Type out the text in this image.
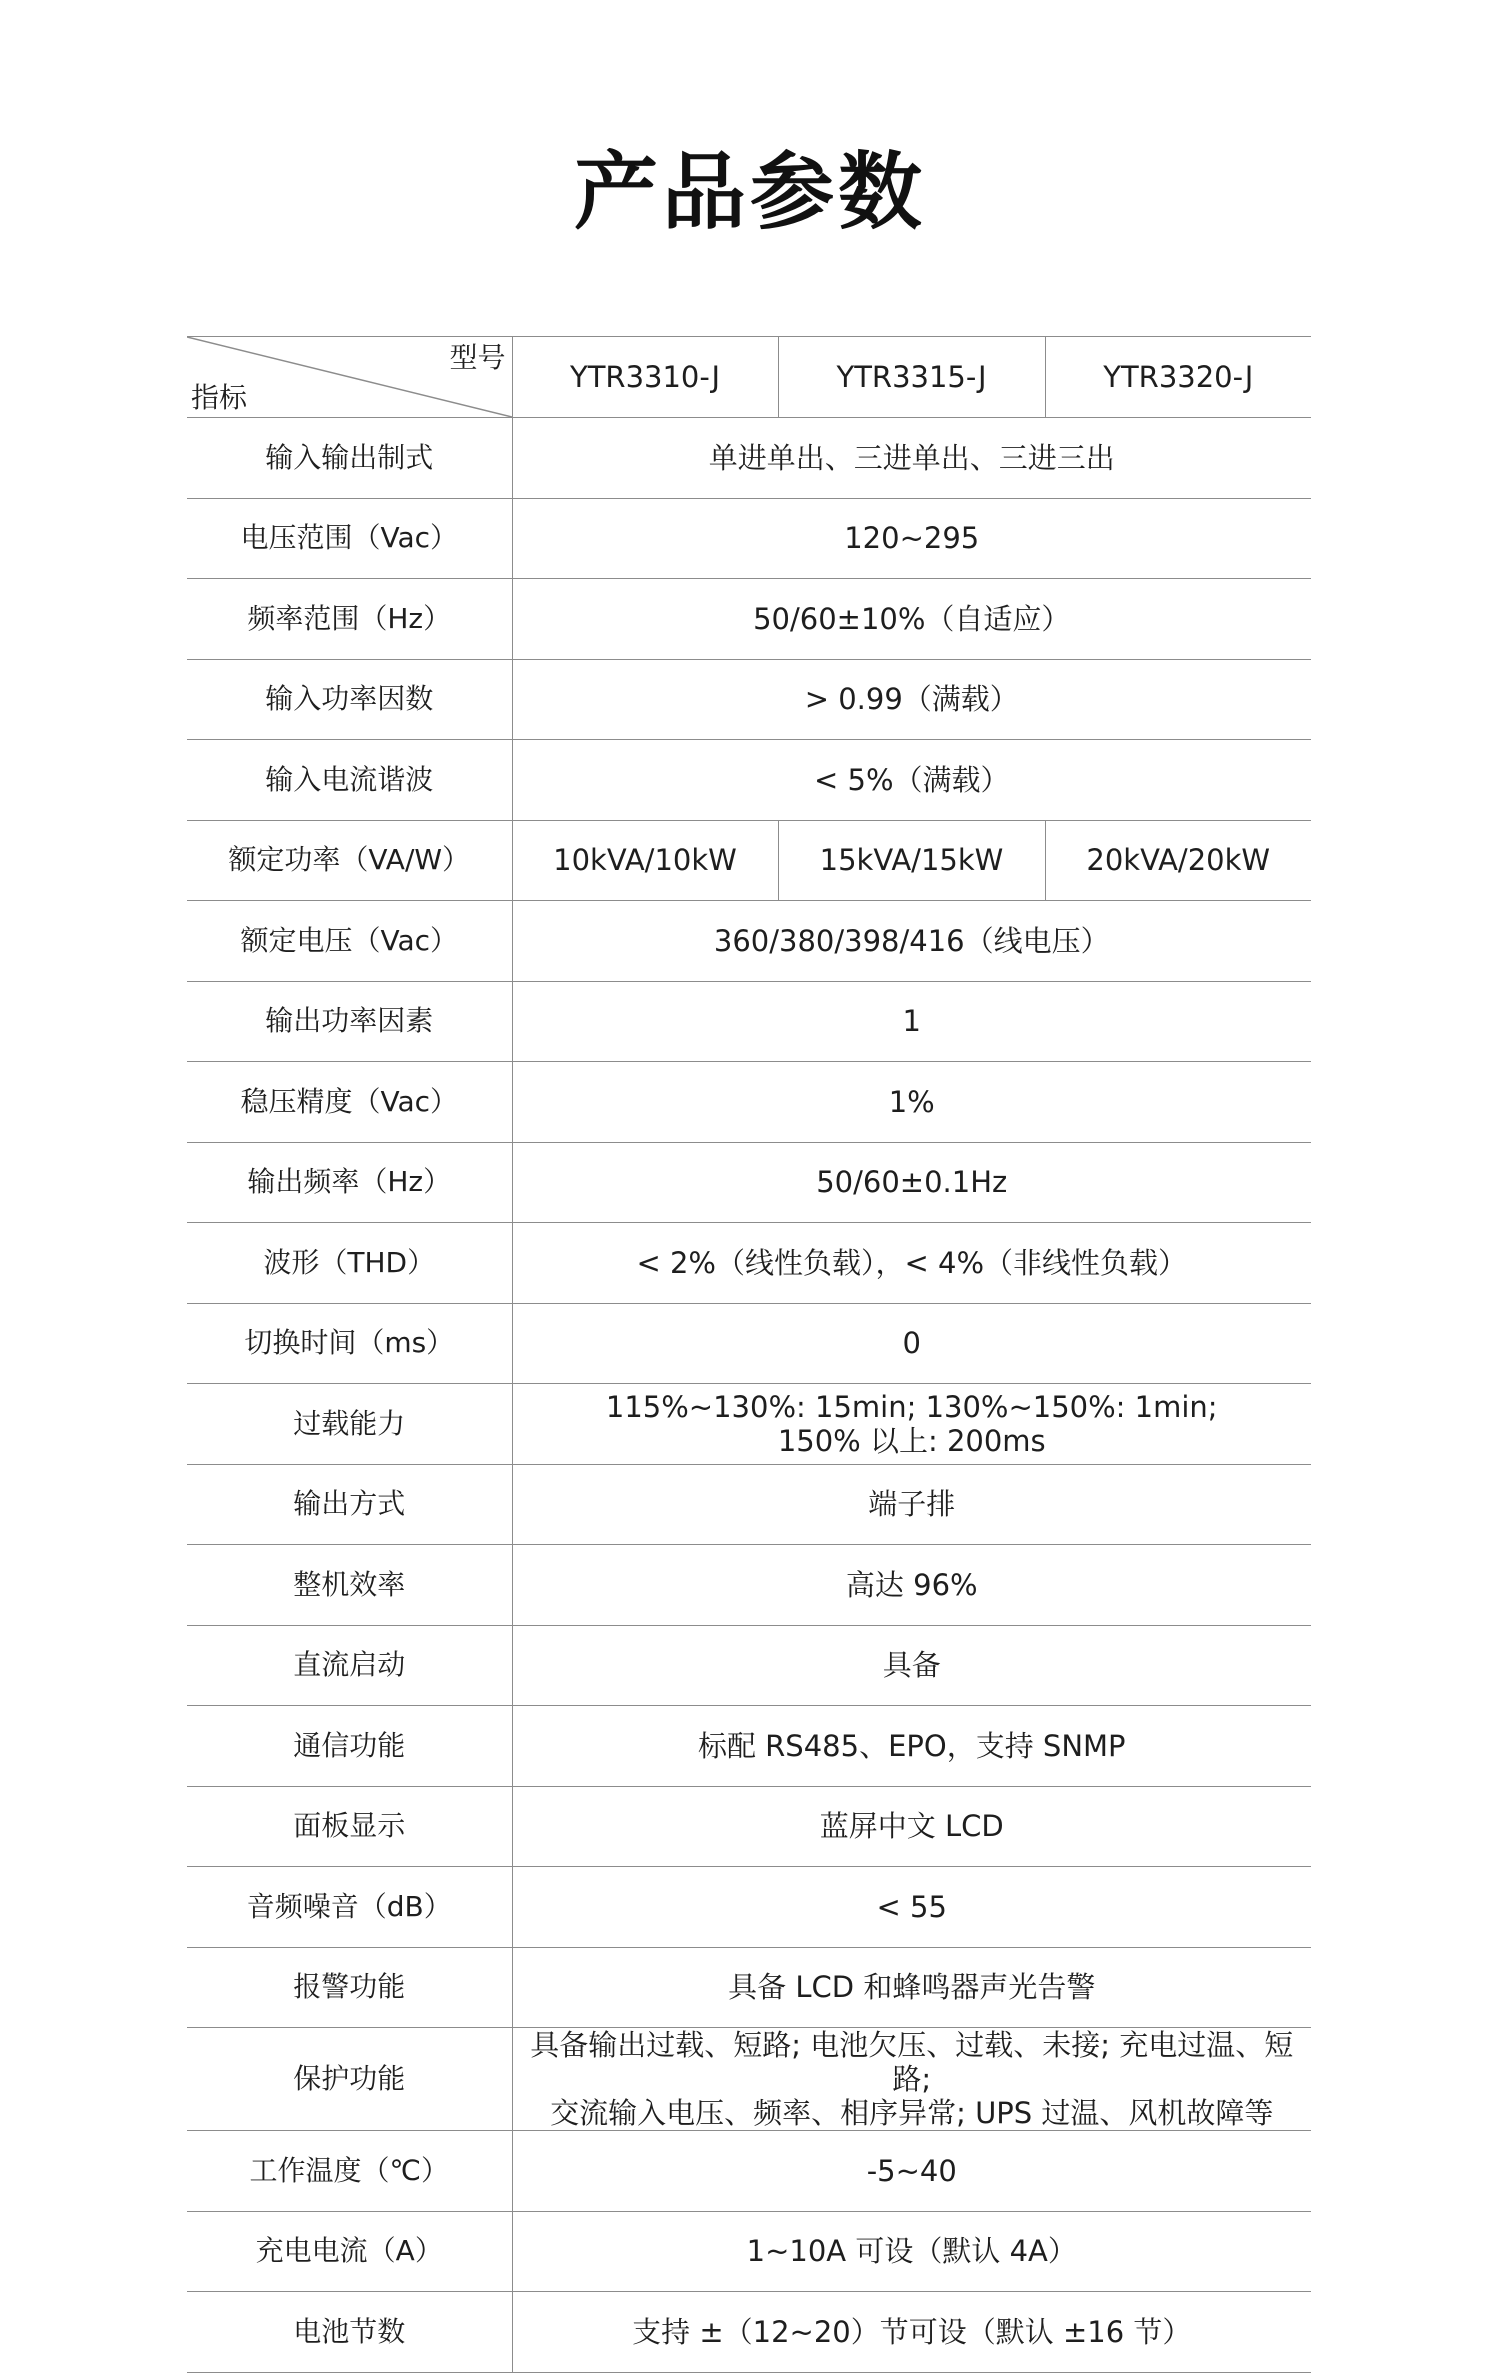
产品参数
型号
指标	YTR3310-J	YTR3315-J	YTR3320-J
输入输出制式	单进单出、三进单出、三进三出		
电压范围（Vac）	120~295		
频率范围（Hz）	50/60±10%（自适应）		
输入功率因数	> 0.99（满载）		
输入电流谐波	< 5%（满载）		
额定功率（VA/W）	10kVA/10kW	15kVA/15kW	20kVA/20kW
额定电压（Vac）	360/380/398/416（线电压）		
输出功率因素	1		
稳压精度（Vac）	1%		
输出频率（Hz）	50/60±0.1Hz		
波形（THD）	< 2%（线性负载），< 4%（非线性负载）		
切换时间（ms）	0		
过载能力	115%~130%: 15min; 130%~150%: 1min;
150% 以上: 200ms		

输出方式	端子排		
整机效率	高达 96%		
直流启动	具备		
通信功能	标配 RS485、EPO，支持 SNMP		
面板显示	蓝屏中文 LCD		
音频噪音（dB）	< 55		
报警功能	具备 LCD 和蜂鸣器声光告警		
保护功能	具备输出过载、短路; 电池欠压、过载、未接; 充电过温、短路;
交流输入电压、频率、相序异常; UPS 过温、风机故障等		

工作温度（℃）	-5~40		
充电电流（A）	1~10A 可设（默认 4A）		
电池节数	支持 ±（12~20）节可设（默认 ±16 节）		
